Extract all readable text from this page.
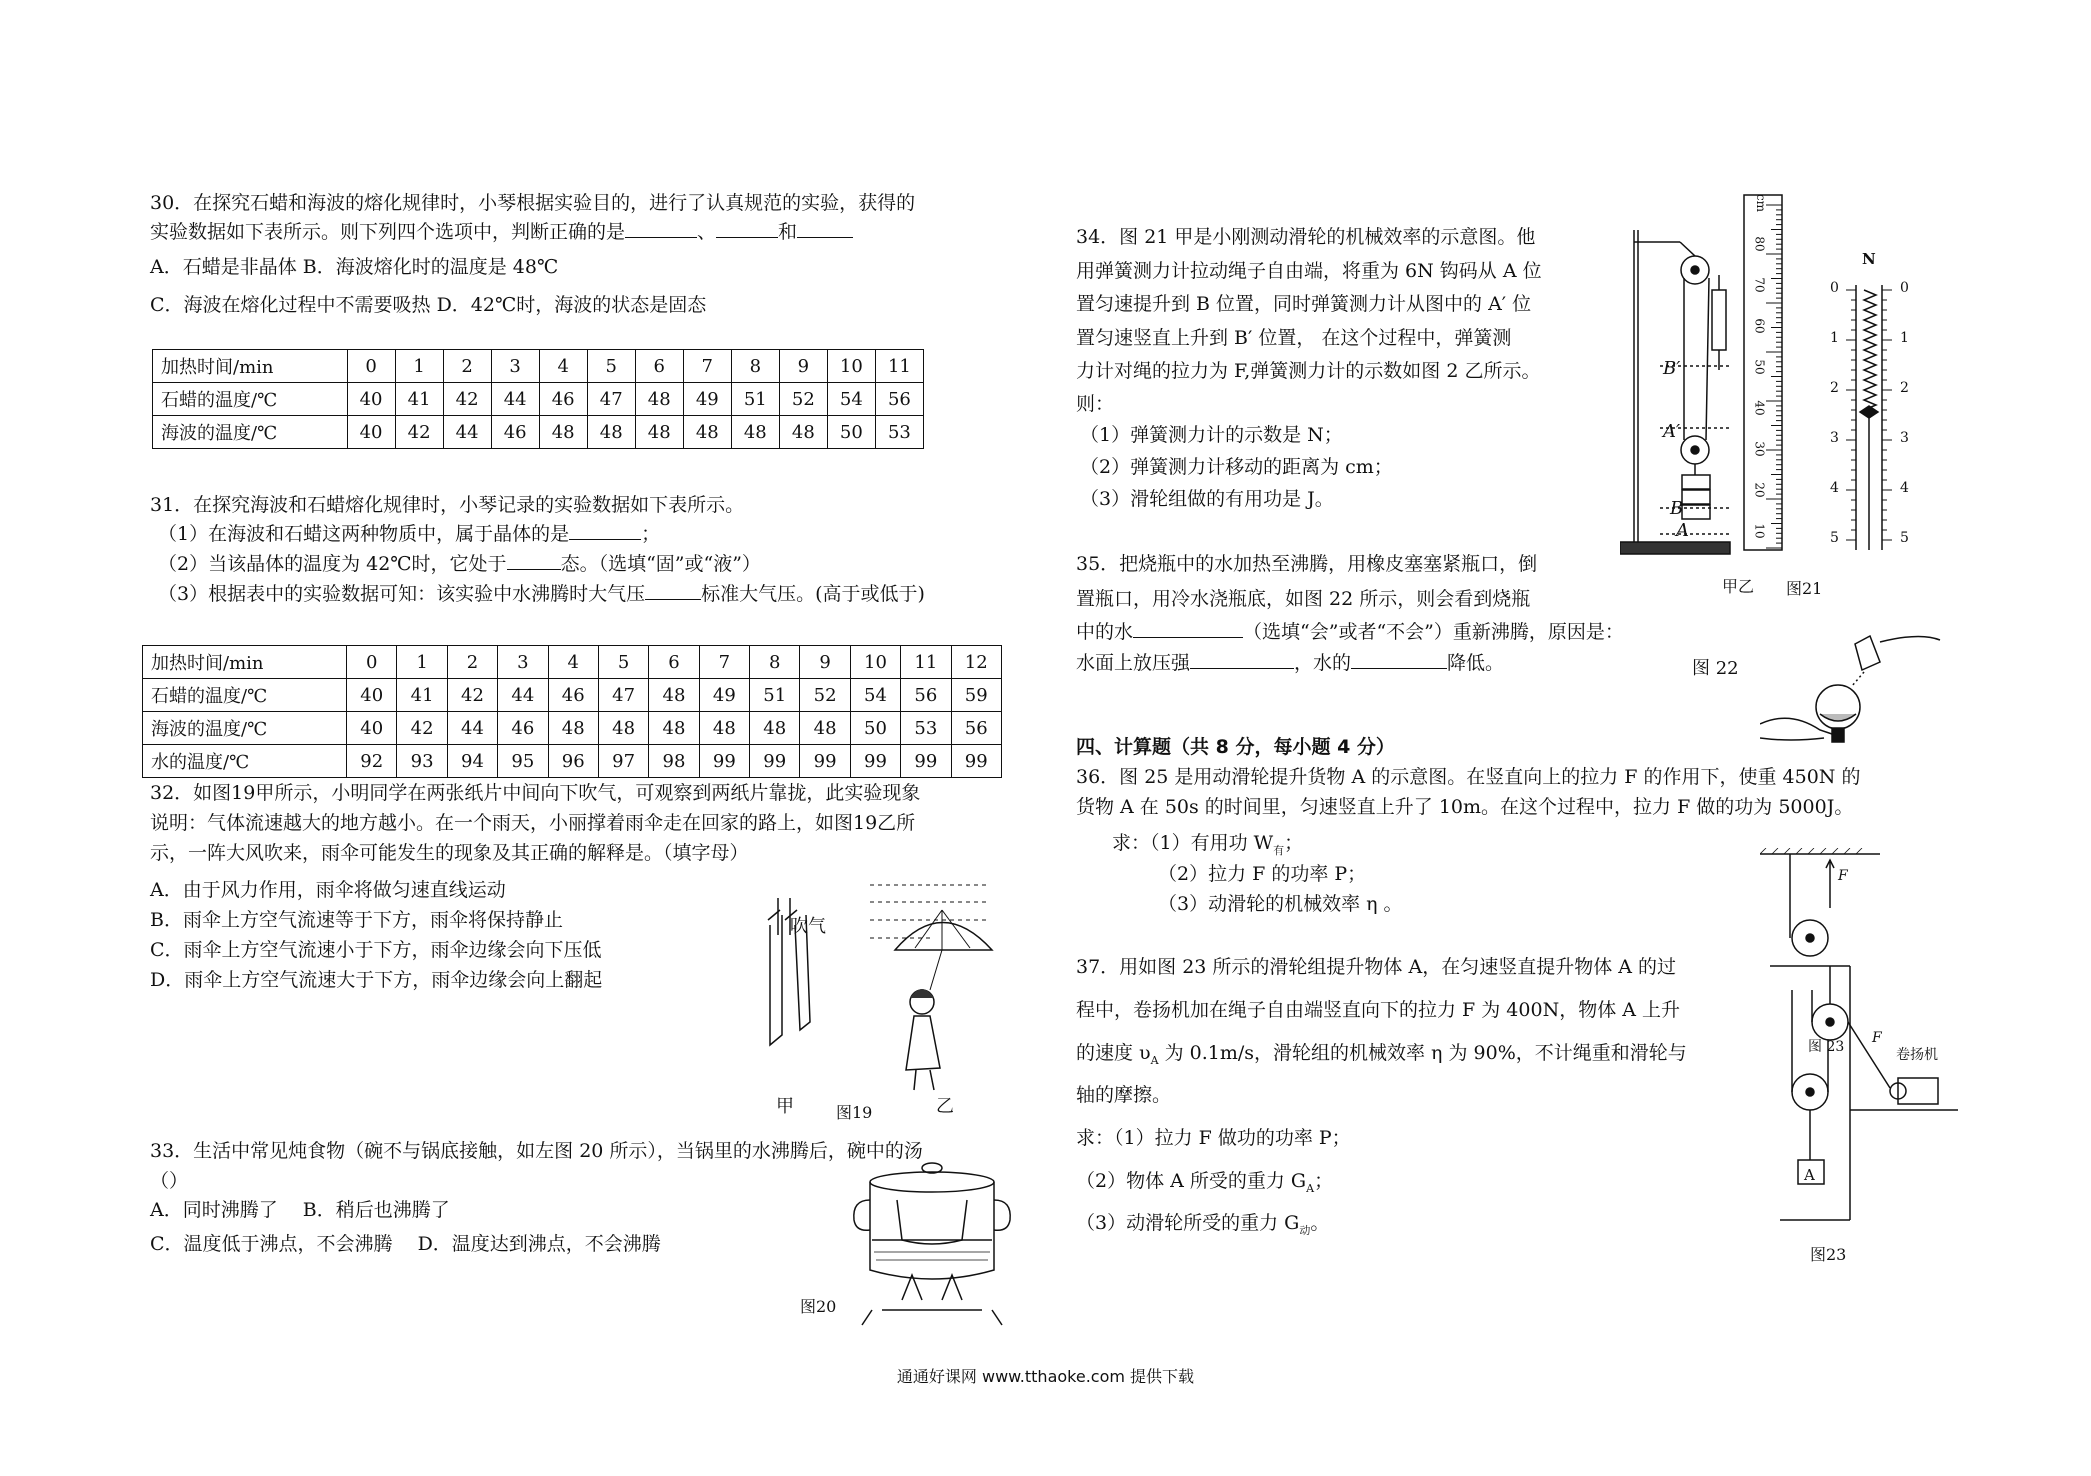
30．在探究石蜡和海波的熔化规律时，小琴根据实验目的，进行了认真规范的实验，获得的
实验数据如下表所示。则下列四个选项中，判断正确的是	、	和
A．石蜡是非晶体 B．海波熔化时的温度是 48℃
C．海波在熔化过程中不需要吸热 D．42℃时，海波的状态是固态
加热时间/min	0	1	2	3	4	5	6	7	8	9	10	11
石蜡的温度/℃	40	41	42	44	46	47	48	49	51	52	54	56
海波的温度/℃	40	42	44	46	48	48	48	48	48	48	50	53
31．在探究海波和石蜡熔化规律时，小琴记录的实验数据如下表所示。
（1）在海波和石蜡这两种物质中，属于晶体的是	；
（2）当该晶体的温度为 42℃时，它处于	态。（选填“固”或“液”）
（3）根据表中的实验数据可知：该实验中水沸腾时大气压	标准大气压。(高于或低于)
加热时间/min	0	1	2	3	4	5	6	7	8	9	10	11	12
石蜡的温度/℃	40	41	42	44	46	47	48	49	51	52	54	56	59
海波的温度/℃	40	42	44	46	48	48	48	48	48	48	50	53	56
水的温度/℃	92	93	94	95	96	97	98	99	99	99	99	99	99
32．如图19甲所示，小明同学在两张纸片中间向下吹气，可观察到两纸片靠拢，此实验现象
说明：气体流速越大的地方越小。在一个雨天，小丽撑着雨伞走在回家的路上，如图19乙所
示，一阵大风吹来，雨伞可能发生的现象及其正确的解释是。（填字母）
A．由于风力作用，雨伞将做匀速直线运动
B．雨伞上方空气流速等于下方，雨伞将保持静止
C．雨伞上方空气流速小于下方，雨伞边缘会向下压低
D．雨伞上方空气流速大于下方，雨伞边缘会向上翻起
吹气
甲	图19	乙
33．生活中常见炖食物（碗不与锅底接触，如左图 20 所示），当锅里的水沸腾后，碗中的汤
（）
A．同时沸腾了　 B．稍后也沸腾了
C．温度低于沸点，不会沸腾　 D．温度达到沸点，不会沸腾
图20
34．图 21 甲是小刚测动滑轮的机械效率的示意图。他
用弹簧测力计拉动绳子自由端，将重为 6N 钩码从 A 位
置匀速提升到 B 位置，同时弹簧测力计从图中的 A′ 位
置匀速竖直上升到 B′ 位置， 在这个过程中，弹簧测
力计对绳的拉力为 F,弹簧测力计的示数如图 2 乙所示。
则：
（1）弹簧测力计的示数是 N；
（2）弹簧测力计移动的距离为 cm；
（3）滑轮组做的有用功是 J。
B′
A′
B
A
N
0
1
2
3
4
5
0
1
2
3
4
5
10
20
30
40
50
60
70
80
cm
甲乙 图21
35．把烧瓶中的水加热至沸腾，用橡皮塞塞紧瓶口，倒
置瓶口，用冷水浇瓶底，如图 22 所示，则会看到烧瓶
中的水	（选填“会”或者“不会”）重新沸腾，原因是：
水面上放压强	，水的	降低。	图 22
四、计算题（共 8 分，每小题 4 分）
36．图 25 是用动滑轮提升货物 A 的示意图。在竖直向上的拉力 F 的作用下，使重 450N 的
货物 A 在 50s 的时间里，匀速竖直上升了 10m。在这个过程中，拉力 F 做的功为 5000J。
求：（1）有用功 $W_有$；
（2）拉力 F 的功率 P；
（3）动滑轮的机械效率 η 。
37．用如图 23 所示的滑轮组提升物体 A，在匀速竖直提升物体 A 的过
程中，卷扬机加在绳子自由端竖直向下的拉力 F 为 400N，物体 A 上升
的速度 $\upsilon_A$ 为 0.1m/s，滑轮组的机械效率 η 为 90%，不计绳重和滑轮与
轴的摩擦。
求：（1）拉力 F 做功的功率 P；
（2）物体 A 所受的重力 $G_A$；
（3）动滑轮所受的重力 $G_动$。
F
A
图 23
F
卷扬机
图23
通通好课网 www.tthaoke.com 提供下载
